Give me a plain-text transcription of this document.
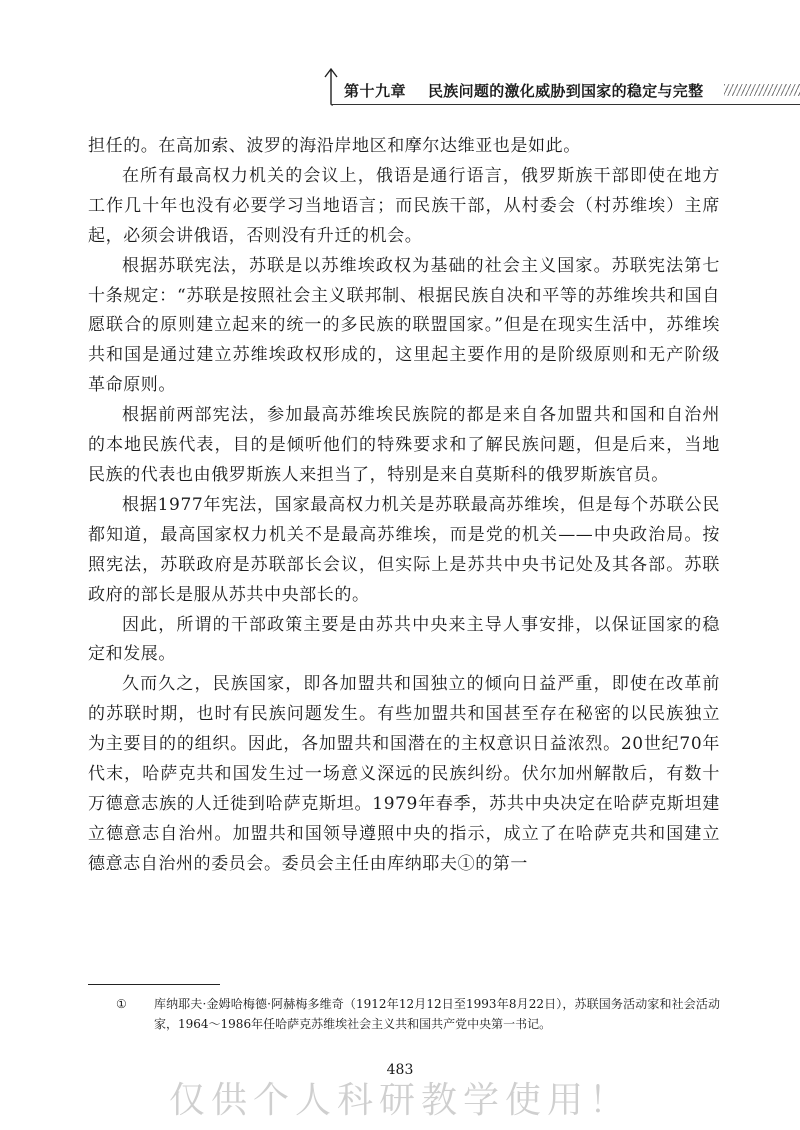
第十九章 民族问题的激化威胁到国家的稳定与完整

担任的。在高加索、波罗的海沿岸地区和摩尔达维亚也是如此。

在所有最高权力机关的会议上，俄语是通行语言，俄罗斯族干部即使在地方工作几十年也没有必要学习当地语言；而民族干部，从村委会（村苏维埃）主席起，必须会讲俄语，否则没有升迁的机会。

根据苏联宪法，苏联是以苏维埃政权为基础的社会主义国家。苏联宪法第七十条规定：“苏联是按照社会主义联邦制、根据民族自决和平等的苏维埃共和国自愿联合的原则建立起来的统一的多民族的联盟国家。”但是在现实生活中，苏维埃共和国是通过建立苏维埃政权形成的，这里起主要作用的是阶级原则和无产阶级革命原则。

根据前两部宪法，参加最高苏维埃民族院的都是来自各加盟共和国和自治州的本地民族代表，目的是倾听他们的特殊要求和了解民族问题，但是后来，当地民族的代表也由俄罗斯族人来担当了，特别是来自莫斯科的俄罗斯族官员。

根据1977年宪法，国家最高权力机关是苏联最高苏维埃，但是每个苏联公民都知道，最高国家权力机关不是最高苏维埃，而是党的机关——中央政治局。按照宪法，苏联政府是苏联部长会议，但实际上是苏共中央书记处及其各部。苏联政府的部长是服从苏共中央部长的。

因此，所谓的干部政策主要是由苏共中央来主导人事安排，以保证国家的稳定和发展。

久而久之，民族国家，即各加盟共和国独立的倾向日益严重，即使在改革前的苏联时期，也时有民族问题发生。有些加盟共和国甚至存在秘密的以民族独立为主要目的的组织。因此，各加盟共和国潜在的主权意识日益浓烈。20世纪70年代末，哈萨克共和国发生过一场意义深远的民族纠纷。伏尔加州解散后，有数十万德意志族的人迁徙到哈萨克斯坦。1979年春季，苏共中央决定在哈萨克斯坦建立德意志自治州。加盟共和国领导遵照中央的指示，成立了在哈萨克共和国建立德意志自治州的委员会。委员会主任由库纳耶夫①的第一

① 库纳耶夫·金姆哈梅德·阿赫梅多维奇（1912年12月12日至1993年8月22日），苏联国务活动家和社会活动家，1964～1986年任哈萨克苏维埃社会主义共和国共产党中央第一书记。
483
仅供个人科研教学使用！
